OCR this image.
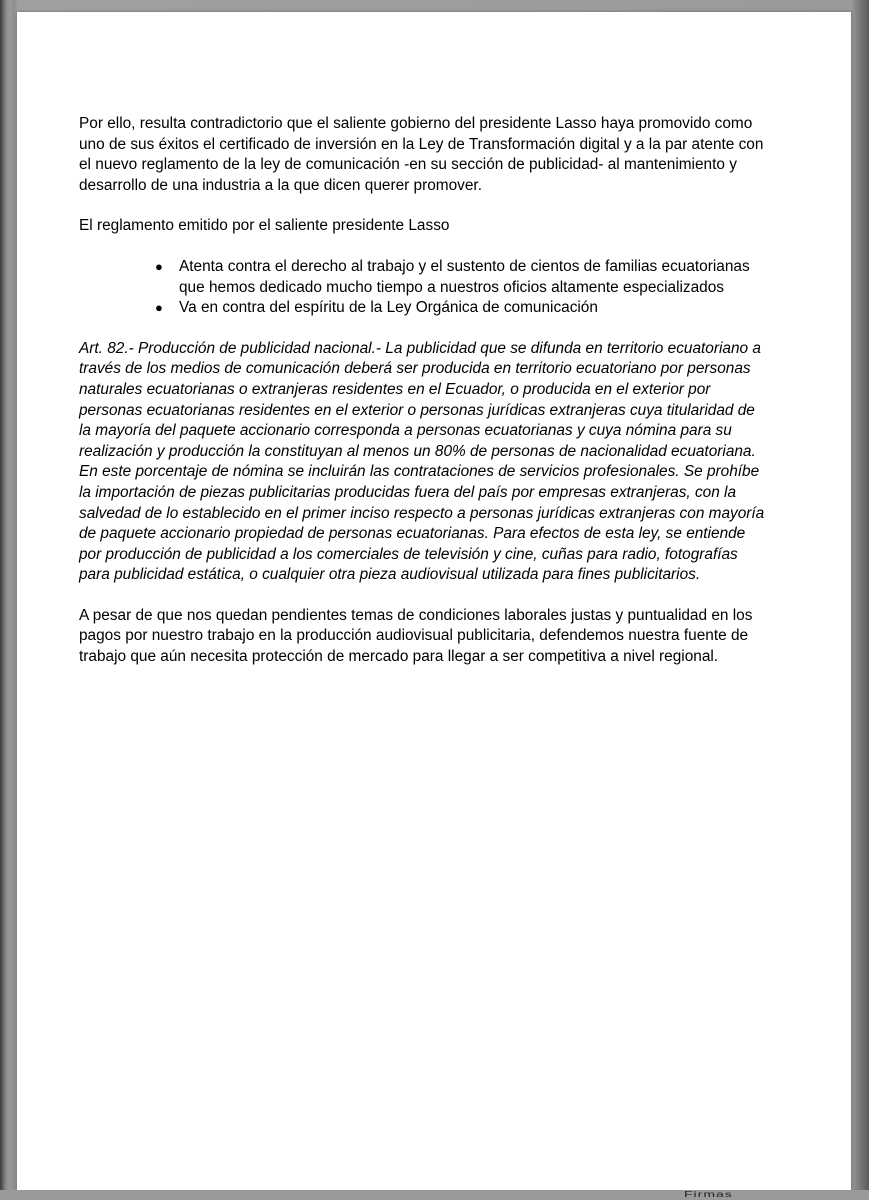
Por ello, resulta contradictorio que el saliente gobierno del presidente Lasso haya promovido como uno de sus éxitos el certificado de inversión en la Ley de Transformación digital y a la par atente con el nuevo reglamento de la ley de comunicación -en su sección de publicidad- al mantenimiento y desarrollo de una industria a la que dicen querer promover.

El reglamento emitido por el saliente presidente Lasso

● Atenta contra el derecho al trabajo y el sustento de cientos de familias ecuatorianas que hemos dedicado mucho tiempo a nuestros oficios altamente especializados
● Va en contra del espíritu de la Ley Orgánica de comunicación

Art. 82.- Producción de publicidad nacional.- La publicidad que se difunda en territorio ecuatoriano a través de los medios de comunicación deberá ser producida en territorio ecuatoriano por personas naturales ecuatorianas o extranjeras residentes en el Ecuador, o producida en el exterior por personas ecuatorianas residentes en el exterior o personas jurídicas extranjeras cuya titularidad de la mayoría del paquete accionario corresponda a personas ecuatorianas y cuya nómina para su realización y producción la constituyan al menos un 80% de personas de nacionalidad ecuatoriana. En este porcentaje de nómina se incluirán las contrataciones de servicios profesionales. Se prohíbe la importación de piezas publicitarias producidas fuera del país por empresas extranjeras, con la salvedad de lo establecido en el primer inciso respecto a personas jurídicas extranjeras con mayoría de paquete accionario propiedad de personas ecuatorianas. Para efectos de esta ley, se entiende por producción de publicidad a los comerciales de televisión y cine, cuñas para radio, fotografías para publicidad estática, o cualquier otra pieza audiovisual utilizada para fines publicitarios.

A pesar de que nos quedan pendientes temas de condiciones laborales justas y puntualidad en los pagos por nuestro trabajo en la producción audiovisual publicitaria, defendemos nuestra fuente de trabajo que aún necesita protección de mercado para llegar a ser competitiva a nivel regional.

Firmas
